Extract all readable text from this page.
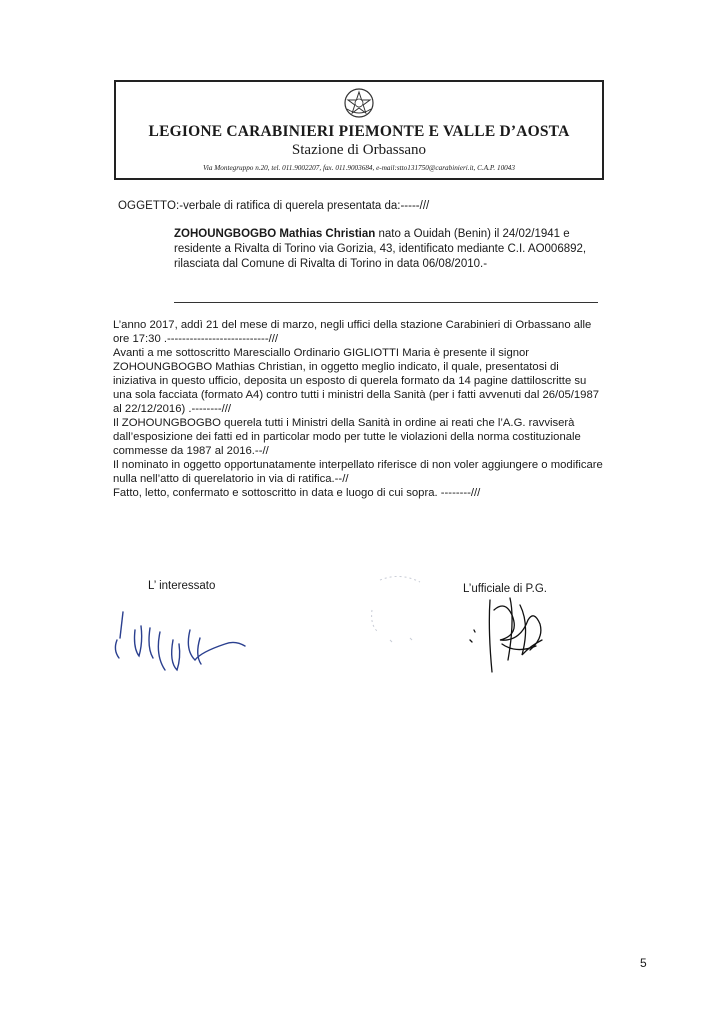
LEGIONE CARABINIERI PIEMONTE E VALLE D’AOSTA
Stazione di Orbassano
Via Montegruppo n.20, tel. 011.9002207, fax. 011.9003684, e-mail:stto131750@carabinieri.it, C.A.P. 10043
OGGETTO:-verbale di ratifica di querela presentata da:-----///
ZOHOUNGBOGBO Mathias Christian nato a Ouidah (Benin) il 24/02/1941 e residente a Rivalta di Torino via Gorizia, 43, identificato mediante C.I. AO006892, rilasciata dal Comune di Rivalta di Torino in data 06/08/2010.-

L’anno 2017, addì 21 del mese di marzo, negli uffici della stazione Carabinieri di Orbassano alle ore 17:30 .---------------------------///

Avanti a me sottoscritto Maresciallo Ordinario GIGLIOTTI Maria è presente il signor ZOHOUNGBOGBO Mathias Christian, in oggetto meglio indicato, il quale, presentatosi di iniziativa in questo ufficio, deposita un esposto di querela formato da 14 pagine dattiloscritte su una sola facciata (formato A4) contro tutti i ministri della Sanità (per i fatti avvenuti dal 26/05/1987 al 22/12/2016) .--------///

Il ZOHOUNGBOGBO querela tutti i Ministri della Sanità in ordine ai reati che l’A.G. ravviserà dall’esposizione dei fatti ed in particolar modo per tutte le violazioni della norma costituzionale commesse da 1987 al 2016.--//

Il nominato in oggetto opportunatamente interpellato riferisce di non voler aggiungere o modificare nulla nell’atto di querelatorio in via di ratifica.--//

Fatto, letto, confermato e sottoscritto in data e luogo di cui sopra. --------///

L’ interessato	L’ufficiale di P.G.
5
